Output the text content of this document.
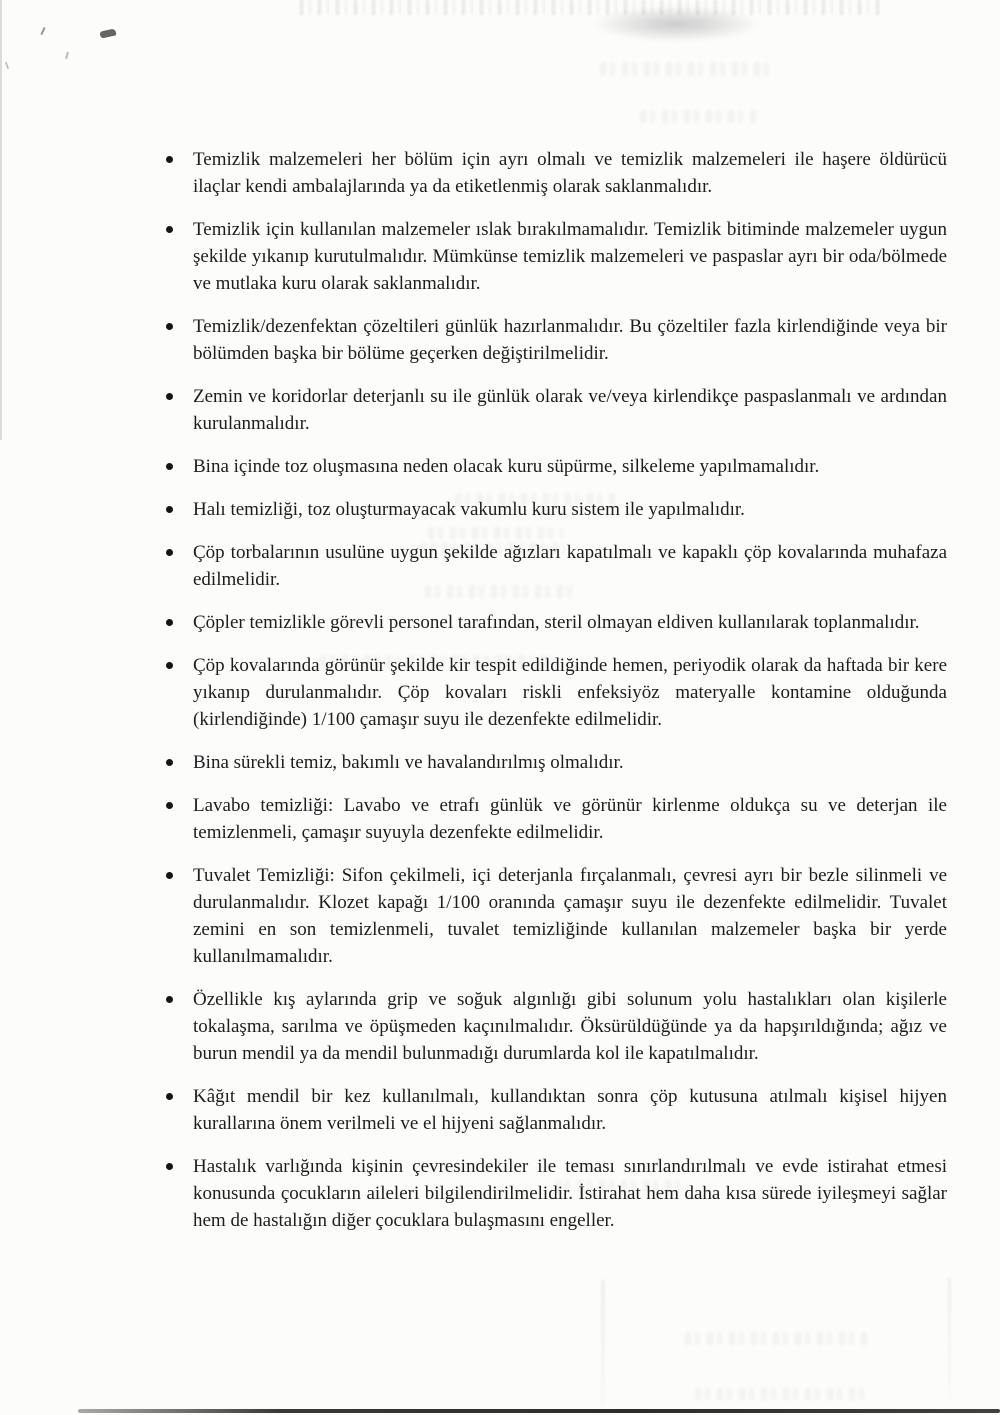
Temizlik malzemeleri her bölüm için ayrı olmalı ve temizlik malzemeleri ile haşere öldürücü ilaçlar kendi ambalajlarında ya da etiketlenmiş olarak saklanmalıdır.
Temizlik için kullanılan malzemeler ıslak bırakılmamalıdır. Temizlik bitiminde malzemeler uygun şekilde yıkanıp kurutulmalıdır. Mümkünse temizlik malzemeleri ve paspaslar ayrı bir oda/bölmede ve mutlaka kuru olarak saklanmalıdır.
Temizlik/dezenfektan çözeltileri günlük hazırlanmalıdır. Bu çözeltiler fazla kirlendiğinde veya bir bölümden başka bir bölüme geçerken değiştirilmelidir.
Zemin ve koridorlar deterjanlı su ile günlük olarak ve/veya kirlendikçe paspaslanmalı ve ardından kurulanmalıdır.
Bina içinde toz oluşmasına neden olacak kuru süpürme, silkeleme yapılmamalıdır.
Halı temizliği, toz oluşturmayacak vakumlu kuru sistem ile yapılmalıdır.
Çöp torbalarının usulüne uygun şekilde ağızları kapatılmalı ve kapaklı çöp kovalarında muhafaza edilmelidir.
Çöpler temizlikle görevli personel tarafından, steril olmayan eldiven kullanılarak toplanmalıdır.
Çöp kovalarında görünür şekilde kir tespit edildiğinde hemen, periyodik olarak da haftada bir kere yıkanıp durulanmalıdır. Çöp kovaları riskli enfeksiyöz materyalle kontamine olduğunda (kirlendiğinde) 1/100 çamaşır suyu ile dezenfekte edilmelidir.
Bina sürekli temiz, bakımlı ve havalandırılmış olmalıdır.
Lavabo temizliği: Lavabo ve etrafı günlük ve görünür kirlenme oldukça su ve deterjan ile temizlenmeli, çamaşır suyuyla dezenfekte edilmelidir.
Tuvalet Temizliği: Sifon çekilmeli, içi deterjanla fırçalanmalı, çevresi ayrı bir bezle silinmeli ve durulanmalıdır. Klozet kapağı 1/100 oranında çamaşır suyu ile dezenfekte edilmelidir. Tuvalet zemini en son temizlenmeli, tuvalet temizliğinde kullanılan malzemeler başka bir yerde kullanılmamalıdır.
Özellikle kış aylarında grip ve soğuk algınlığı gibi solunum yolu hastalıkları olan kişilerle tokalaşma, sarılma ve öpüşmeden kaçınılmalıdır. Öksürüldüğünde ya da hapşırıldığında; ağız ve burun mendil ya da mendil bulunmadığı durumlarda kol ile kapatılmalıdır.
Kâğıt mendil bir kez kullanılmalı, kullandıktan sonra çöp kutusuna atılmalı kişisel hijyen kurallarına önem verilmeli ve el hijyeni sağlanmalıdır.
Hastalık varlığında kişinin çevresindekiler ile teması sınırlandırılmalı ve evde istirahat etmesi konusunda çocukların aileleri bilgilendirilmelidir. İstirahat hem daha kısa sürede iyileşmeyi sağlar hem de hastalığın diğer çocuklara bulaşmasını engeller.
